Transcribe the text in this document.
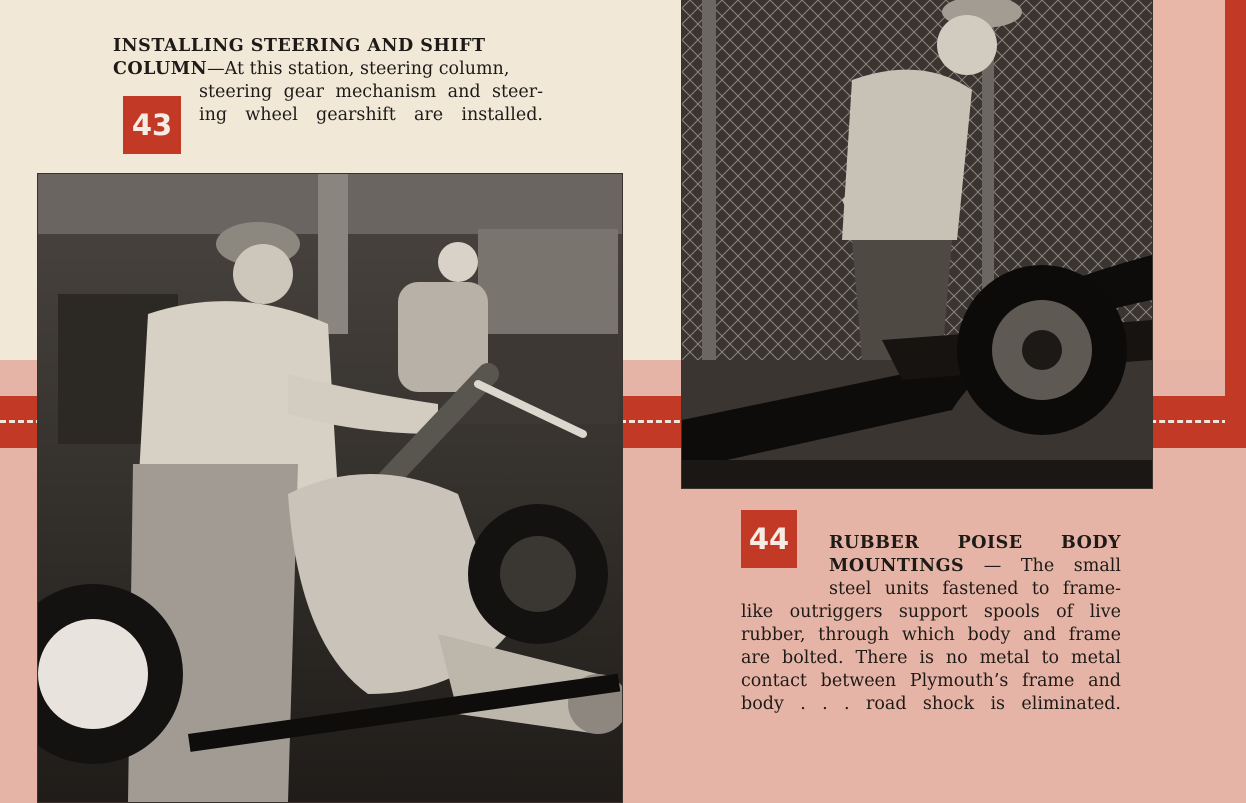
INSTALLING STEERING AND SHIFT
COLUMN—At this station, steering column,
steering gear mechanism and steer-
ing wheel gearshift are installed.
43
44	RUBBER POISE BODY
MOUNTINGS — The small
steel units fastened to frame-
like outriggers support spools of live
rubber, through which body and frame
are bolted. There is no metal to metal
contact between Plymouth’s frame and
body . . . road shock is eliminated.
